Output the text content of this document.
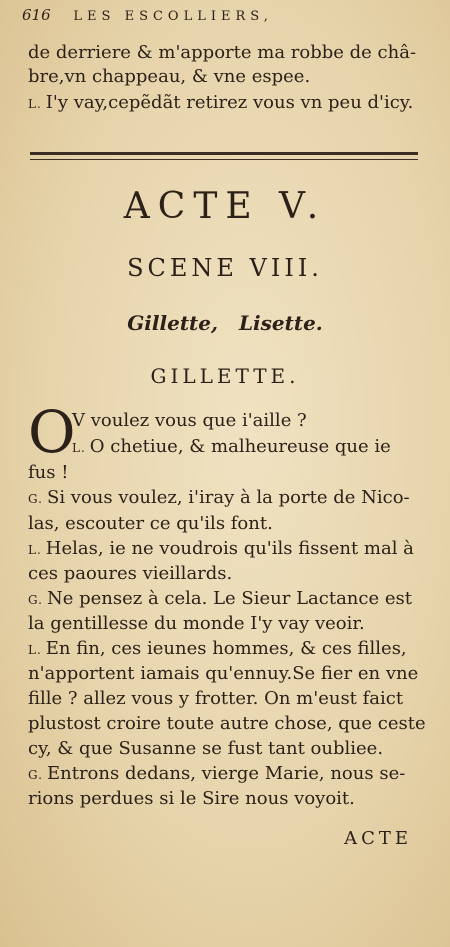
616 LES ESCOLLIERS,
de derriere & m'apporte ma robbe de châ-
bre,vn chappeau, & vne espee.
L. I'y vay,cepẽdãt retirez vous vn peu d'icy.
ACTE V.
SCENE VIII.
Gillette, Lisette.
GILLETTE.
O
V voulez vous que i'aille ?
L. O chetiue, & malheureuse que ie
fus !
G. Si vous voulez, i'iray à la porte de Nico-
las, escouter ce qu'ils font.
L. Helas, ie ne voudrois qu'ils fissent mal à
ces paoures vieillards.
G. Ne pensez à cela. Le Sieur Lactance est
la gentillesse du monde I'y vay veoir.
L. En fin, ces ieunes hommes, & ces filles,
n'apportent iamais qu'ennuy.Se fier en vne
fille ? allez vous y frotter. On m'eust faict
plustost croire toute autre chose, que ceste
cy, & que Susanne se fust tant oubliee.
G. Entrons dedans, vierge Marie, nous se-
rions perdues si le Sire nous voyoit.
ACTE
